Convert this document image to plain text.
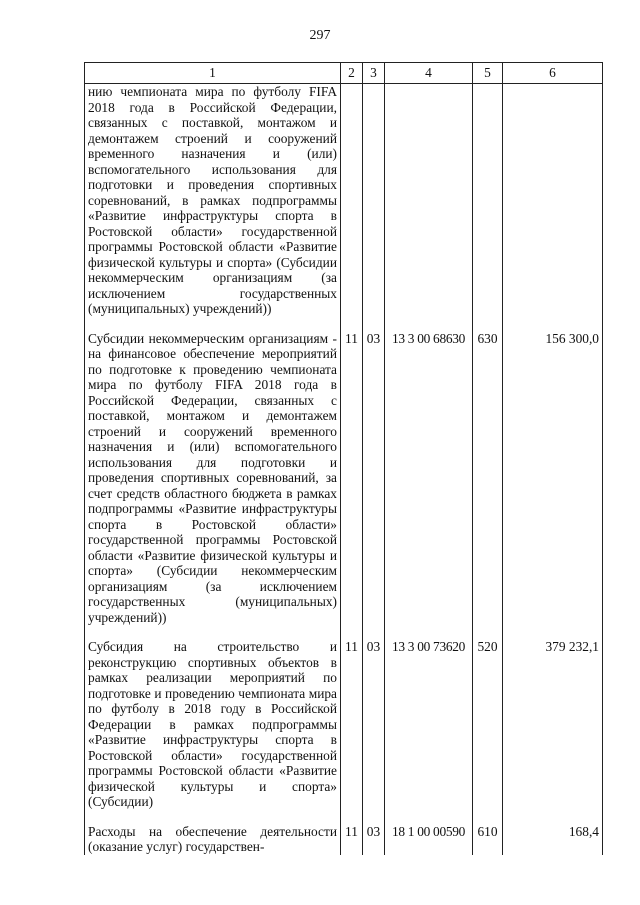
297
1	2	3	4	5	6

нию чемпионата мира по футболу FIFA 2018 года в Российской Федерации, связанных с поставкой, монтажом и демонтажем строений и сооружений временного назначения и (или) вспомогательного использования для подготовки и проведения спортивных соревнований, в рамках подпрограммы «Развитие инфраструктуры спорта в Ростовской области» государственной программы Ростовской области «Развитие физической культуры и спорта» (Субсидии некоммерческим организациям (за исключением государственных (муниципальных) учреждений))					

Субсидии некоммерческим организациям - на финансовое обеспечение мероприятий по подготовке к проведению чемпионата мира по футболу FIFA 2018 года в Российской Федерации, связанных с поставкой, монтажом и демонтажем строений и сооружений временного назначения и (или) вспомогательного использования для подготовки и проведения спортивных соревнований, за счет средств областного бюджета в рамках подпрограммы «Развитие инфраструктуры спорта в Ростовской области» государственной программы Ростовской области «Развитие физической культуры и спорта» (Субсидии некоммерческим организациям (за исключением государственных (муниципальных) учреждений))	11	03	13 3 00 68630	630	156 300,0

Субсидия на строительство и реконструкцию спортивных объектов в рамках реализации мероприятий по подготовке и проведению чемпионата мира по футболу в 2018 году в Российской Федерации в рамках подпрограммы «Развитие инфраструктуры спорта в Ростовской области» государственной программы Ростовской области «Развитие физической культуры и спорта» (Субсидии)	11	03	13 3 00 73620	520	379 232,1

Расходы на обеспечение деятельности (оказание услуг) государствен-	11	03	18 1 00 00590	610	168,4
